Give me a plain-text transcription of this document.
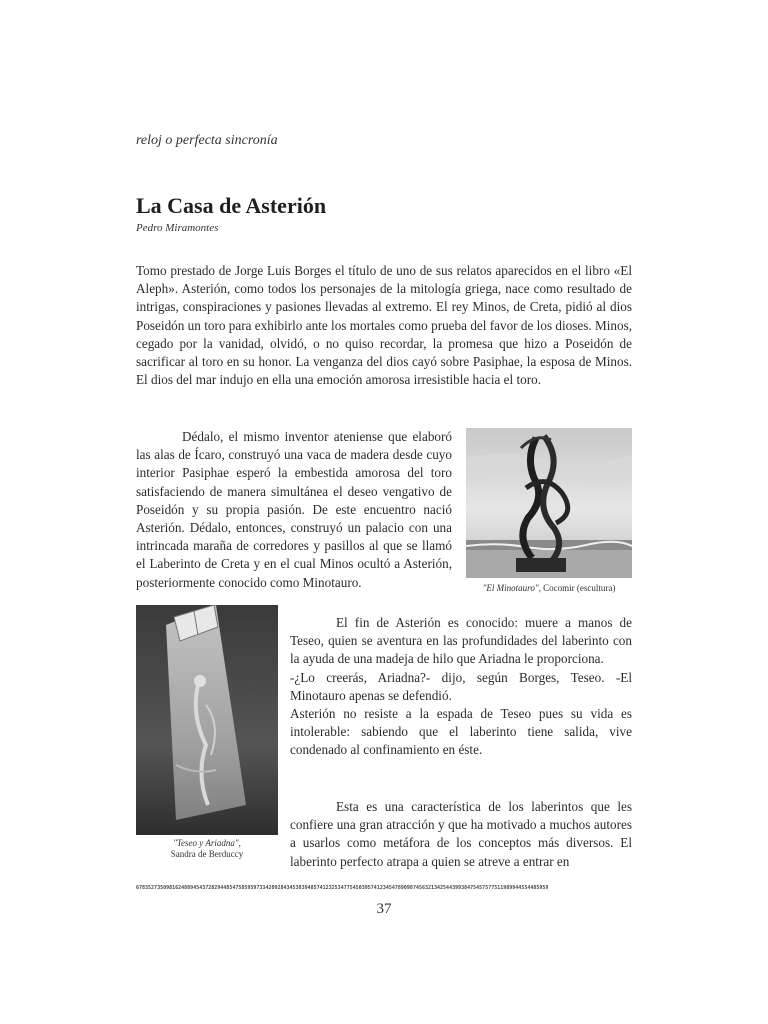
reloj o perfecta sincronía
La Casa de Asterión
Pedro Miramontes

Tomo prestado de Jorge Luis Borges el título de uno de sus relatos aparecidos en el libro «El Aleph». Asterión, como todos los personajes de la mitología griega, nace como resultado de intrigas, conspiraciones y pasiones llevadas al extremo. El rey Minos, de Creta, pidió al dios Poseidón un toro para exhibirlo ante los mortales como prueba del favor de los dioses. Minos, cegado por la vanidad, olvidó, o no quiso recordar, la promesa que hizo a Poseidón de sacrificar al toro en su honor. La venganza del dios cayó sobre Pasiphae, la esposa de Minos. El dios del mar indujo en ella una emoción amorosa irresistible hacia el toro.

Dédalo, el mismo inventor ateniense que elaboró las alas de Ícaro, construyó una vaca de madera desde cuyo interior Pasiphae esperó la embestida amorosa del toro satisfaciendo de manera simultánea el deseo vengativo de Poseidón y su propia pasión. De este encuentro nació Asterión. Dédalo, entonces, construyó un palacio con una intrincada maraña de corredores y pasillos al que se llamó el Laberinto de Creta y en el cual Minos ocultó a Asterión, posteriormente conocido como Minotauro.	"El Minotauro", Cocomir (escultura)
"Teseo y Ariadna",
Sandra de Berduccy
El fin de Asterión es conocido: muere a manos de Teseo, quien se aventura en las profundidades del laberinto con la ayuda de una madeja de hilo que Ariadna le proporciona.
-¿Lo creerás, Ariadna?- dijo, según Borges, Teseo. -El Minotauro apenas se defendió.
Asterión no resiste a la espada de Teseo pues su vida es intolerable: sabiendo que el laberinto tiene salida, vive condenado al confinamiento en éste.

Esta es una característica de los laberintos que les confiere una gran atracción y que ha motivado a muchos autores a usarlos como metáfora de los conceptos más diversos. El laberinto perfecto atrapa a quien se atreve a entrar en

67835273509816248894543728294485475859597334209284345303948574123253477545039574123454789098745632134254439938475457577511989944554485959
37
